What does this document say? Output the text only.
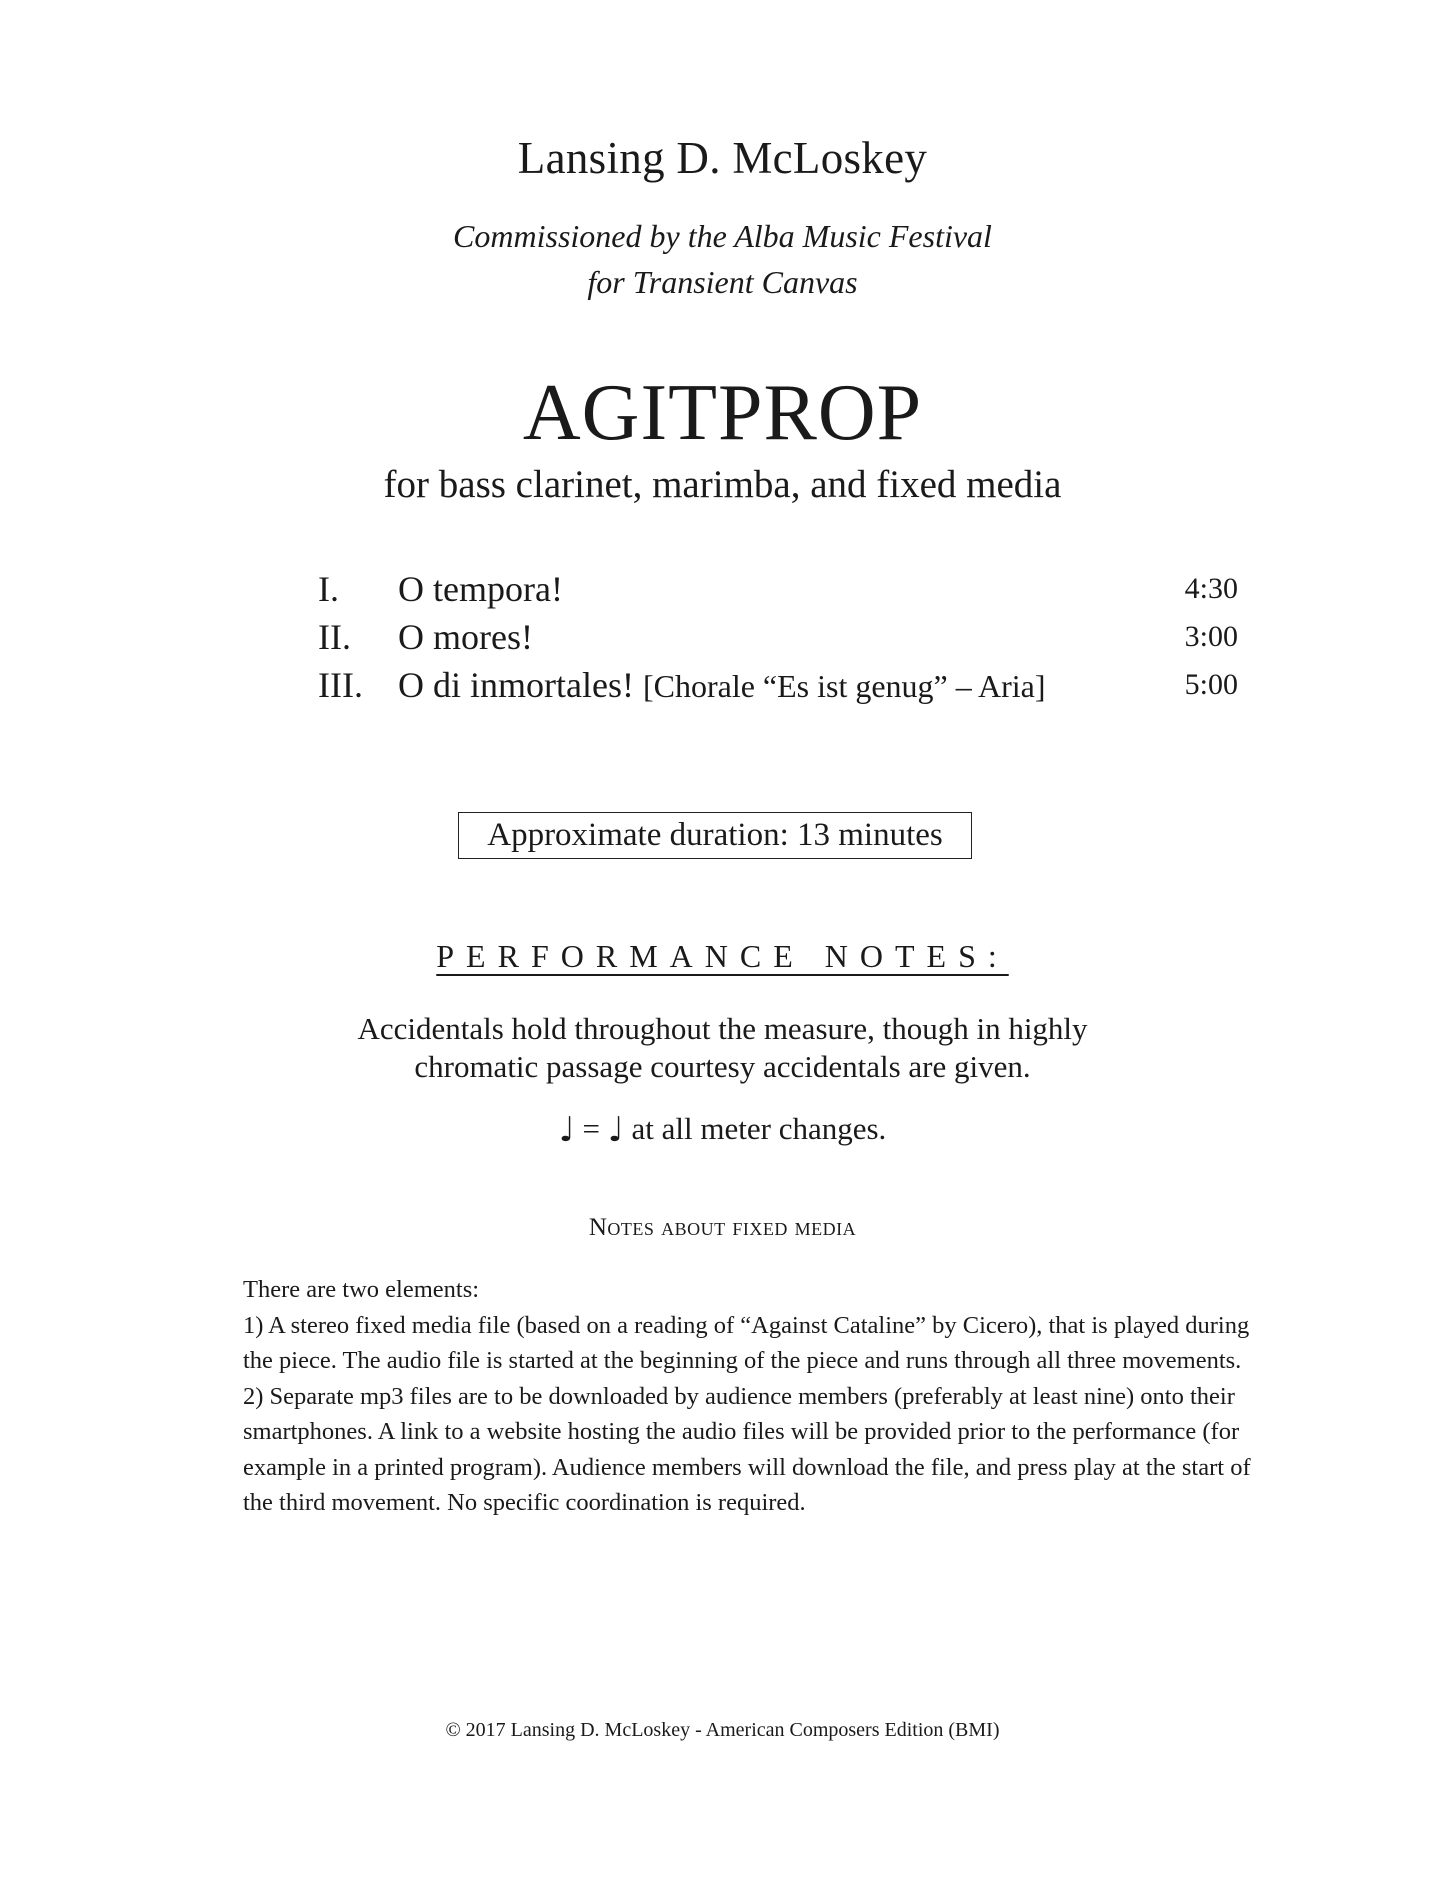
Lansing D. McLoskey
Commissioned by the Alba Music Festival
for Transient Canvas
AGITPROP
for bass clarinet, marimba, and fixed media
I. O tempora!	4:30
II. O mores!	3:00
III. O di inmortales! [Chorale “Es ist genug” – Aria]	5:00
Approximate duration: 13 minutes
PERFORMANCE NOTES:
Accidentals hold throughout the measure, though in highly
chromatic passage courtesy accidentals are given.
♩ = ♩ at all meter changes.
Notes about fixed media

There are two elements:

1) A stereo fixed media file (based on a reading of “Against Cataline” by Cicero), that is played during the piece. The audio file is started at the beginning of the piece and runs through all three movements.

2) Separate mp3 files are to be downloaded by audience members (preferably at least nine) onto their smartphones. A link to a website hosting the audio files will be provided prior to the performance (for example in a printed program). Audience members will download the file, and press play at the start of the third movement. No specific coordination is required.

© 2017 Lansing D. McLoskey - American Composers Edition (BMI)
